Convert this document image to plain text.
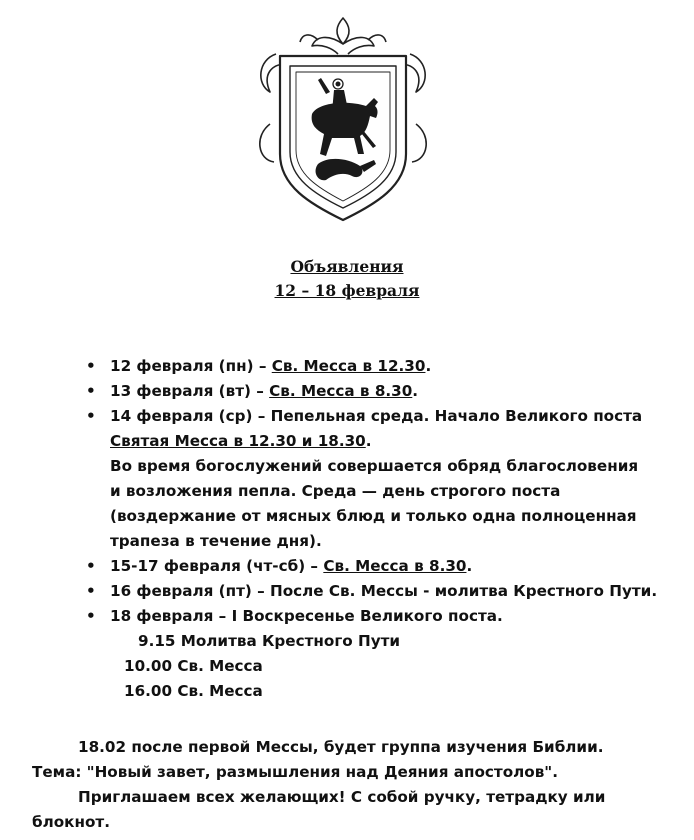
Объявления
12 – 18 февраля
• 12 февраля (пн) – Св. Месса в 12.30.
• 13 февраля (вт) – Св. Месса в 8.30.
• 14 февраля (ср) – Пепельная среда. Начало Великого поста
Святая Месса в 12.30 и 18.30.
Во время богослужений совершается обряд благословения
и возложения пепла. Среда — день строгого поста
(воздержание от мясных блюд и только одна полноценная
трапеза в течение дня).
• 15-17 февраля (чт-сб) – Св. Месса в 8.30.
• 16 февраля (пт) – После Св. Мессы - молитва Крестного Пути.
• 18 февраля – I Воскресенье Великого поста.
9.15 Молитва Крестного Пути
10.00 Св. Месса
16.00 Св. Месса
18.02 после первой Мессы, будет группа изучения Библии.
Тема: "Новый завет, размышления над Деяния апостолов".
Приглашаем всех желающих! С собой ручку, тетрадку или
блокнот.
